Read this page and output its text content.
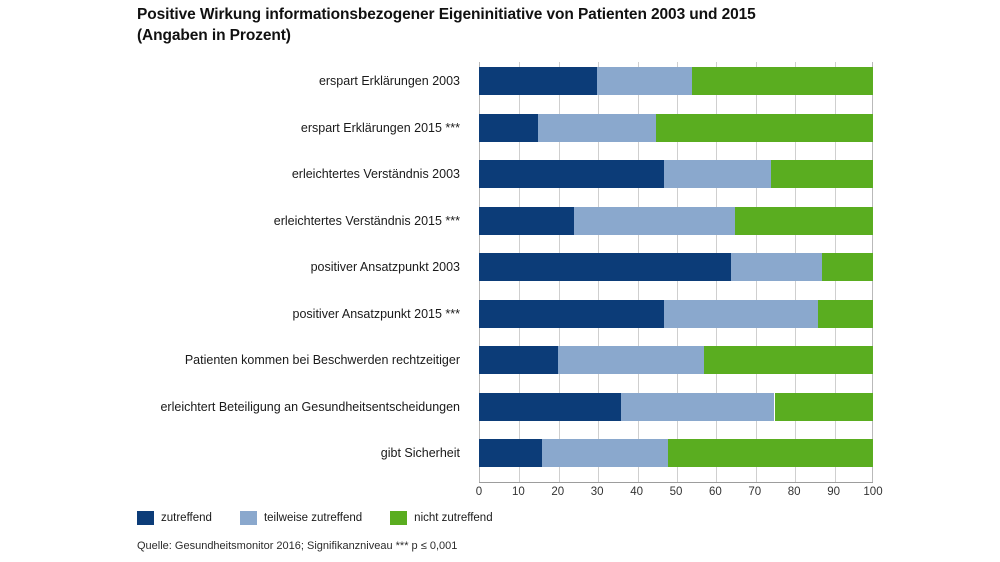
Positive Wirkung informationsbezogener Eigeninitiative von Patienten 2003 und 2015
(Angaben in Prozent)
erspart Erklärungen 2003
erspart Erklärungen 2015 ***
erleichtertes Verständnis 2003
erleichtertes Verständnis 2015 ***
positiver Ansatzpunkt 2003
positiver Ansatzpunkt 2015 ***
Patienten kommen bei Beschwerden rechtzeitiger
erleichtert Beteiligung an Gesundheitsentscheidungen
gibt Sicherheit
0	10 20 30 40 50 60 70 80 90 100
zutreffend	teilweise zutreffend	nicht zutreffend
Quelle: Gesundheitsmonitor 2016; Signifikanzniveau *** p ≤ 0,001
